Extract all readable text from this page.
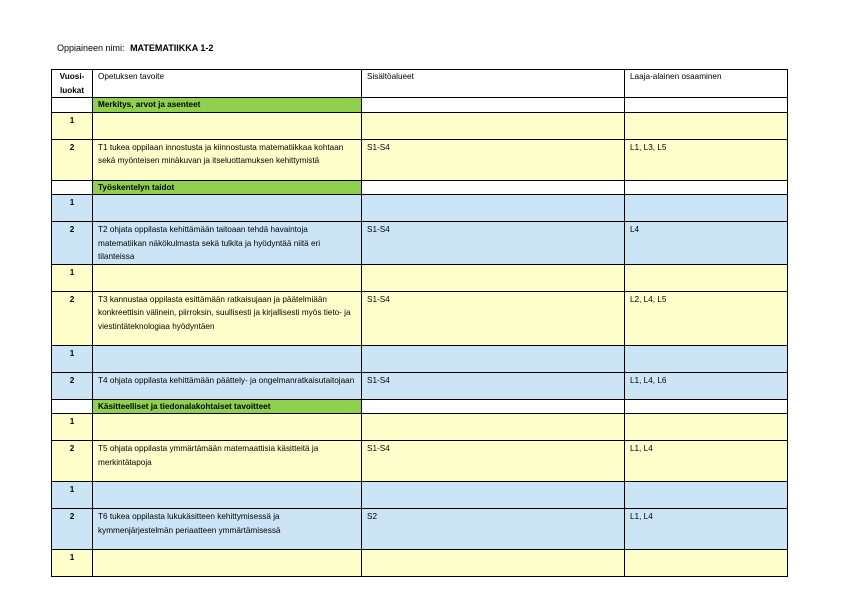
Oppiaineen nimi: MATEMATIIKKA 1-2
Vuosi-
luokat	Opetuksen tavoite	Sisältöalueet	Laaja-alainen osaaminen
	Merkitys, arvot ja asenteet		
1			
2	T1 tukea oppilaan innostusta ja kiinnostusta matematiikkaa kohtaan sekä myönteisen minäkuvan ja itseluottamuksen kehittymistä	S1-S4	L1, L3, L5
	Työskentelyn taidot		
1			
2	T2 ohjata oppilasta kehittämään taitoaan tehdä havaintoja matematiikan näkökulmasta sekä tulkita ja hyödyntää niitä eri tilanteissa	S1-S4	L4
1			
2	T3 kannustaa oppilasta esittämään ratkaisujaan ja päätelmiään konkreettisin välinein, piirroksin, suullisesti ja kirjallisesti myös tieto- ja viestintäteknologiaa hyödyntäen	S1-S4	L2, L4, L5
1			
2	T4 ohjata oppilasta kehittämään päättely- ja ongelmanratkaisutaitojaan	S1-S4	L1, L4, L6
	Käsitteelliset ja tiedonalakohtaiset tavoitteet		
1			
2	T5 ohjata oppilasta ymmärtämään matemaattisia käsitteitä ja merkintätapoja	S1-S4	L1, L4
1			
2	T6 tukea oppilasta lukukäsitteen kehittymisessä ja kymmenjärjestelmän periaatteen ymmärtämisessä	S2	L1, L4
1			
